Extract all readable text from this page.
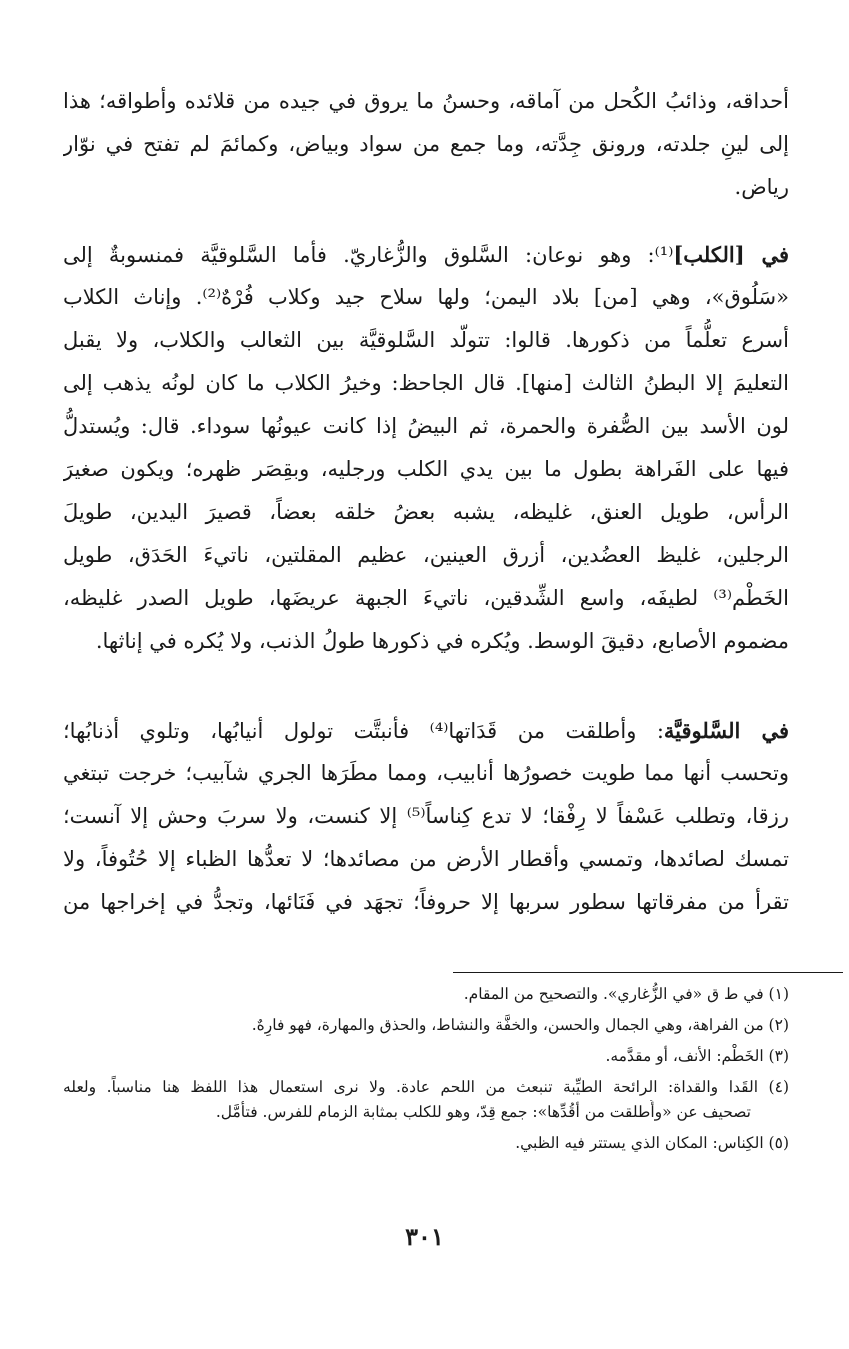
أحداقه، وذائبُ الكُحل من آماقه، وحسنُ ما يروق في جيده من قلائده وأطواقه؛ هذا
إلى لينِ جلدته، ورونق جِدَّته، وما جمع من سواد وبياض، وكمائمَ لم تفتح في نوّار
رياض.
في [الكلب]⁽¹⁾: وهو نوعان: السَّلوق والزُّغاريّ. فأما السَّلوقيَّة فمنسوبةٌ إلى
«سَلُوق»، وهي [من] بلاد اليمن؛ ولها سلاح جيد وكلاب فُرْهٌ⁽²⁾. وإناث الكلاب
أسرع تعلُّماً من ذكورها. قالوا: تتولّد السَّلوقيَّة بين الثعالب والكلاب، ولا يقبل
التعليمَ إلا البطنُ الثالث [منها]. قال الجاحظ: وخيرُ الكلاب ما كان لونُه يذهب إلى
لون الأسد بين الصُّفرة والحمرة، ثم البيضُ إذا كانت عيونُها سوداء. قال: ويُستدلُّ
فيها على الفَراهة بطول ما بين يدي الكلب ورجليه، وبقِصَر ظهره؛ ويكون صغيرَ
الرأس، طويل العنق، غليظه، يشبه بعضُ خلقه بعضاً، قصيرَ اليدين، طويلَ
الرجلين، غليظ العضُدين، أزرق العينين، عظيم المقلتين، ناتيءَ الحَدَق، طويل
الخَطْم⁽³⁾ لطيفَه، واسع الشِّدقين، ناتيءَ الجبهة عريضَها، طويل الصدر غليظه،
مضموم الأصابع، دقيقَ الوسط. ويُكره في ذكورها طولُ الذنب، ولا يُكره في إناثها.
في السَّلوقيَّة: وأطلقت من قَدَاتها⁽⁴⁾ فأنبتَّت تولول أنيابُها، وتلوي أذنابُها؛
وتحسب أنها مما طويت خصورُها أنابيب، ومما مطَرَها الجري شآبيب؛ خرجت تبتغي
رزقا، وتطلب عَسْفاً لا رِفْقا؛ لا تدع كِناساً⁽⁵⁾ إلا كنست، ولا سربَ وحش إلا آنست؛
تمسك لصائدها، وتمسي وأقطار الأرض من مصائدها؛ لا تعدُّها الظباء إلا حُتُوفاً، ولا
تقرأ من مفرقاتها سطور سربها إلا حروفاً؛ تجهَد في فَنَائها، وتجدُّ في إخراجها من
(١) في ط ق «في الزُّغاري». والتصحيح من المقام.
(٢) من الفراهة، وهي الجمال والحسن، والخفَّة والنشاط، والحذق والمهارة، فهو فارِهٌ.
(٣) الخَطْم: الأنف، أو مقدَّمه.
(٤) القَدا والقداة: الرائحة الطيِّبة تنبعث من اللحم عادة. ولا نرى استعمال هذا اللفظ هنا مناسباً. ولعله
تصحيف عن «وأُطلقت من أقُدِّها»: جمع قِدّ، وهو للكلب بمثابة الزمام للفرس. فتأمَّل.
(٥) الكِناس: المكان الذي يستتر فيه الظبي.
٣٠١
